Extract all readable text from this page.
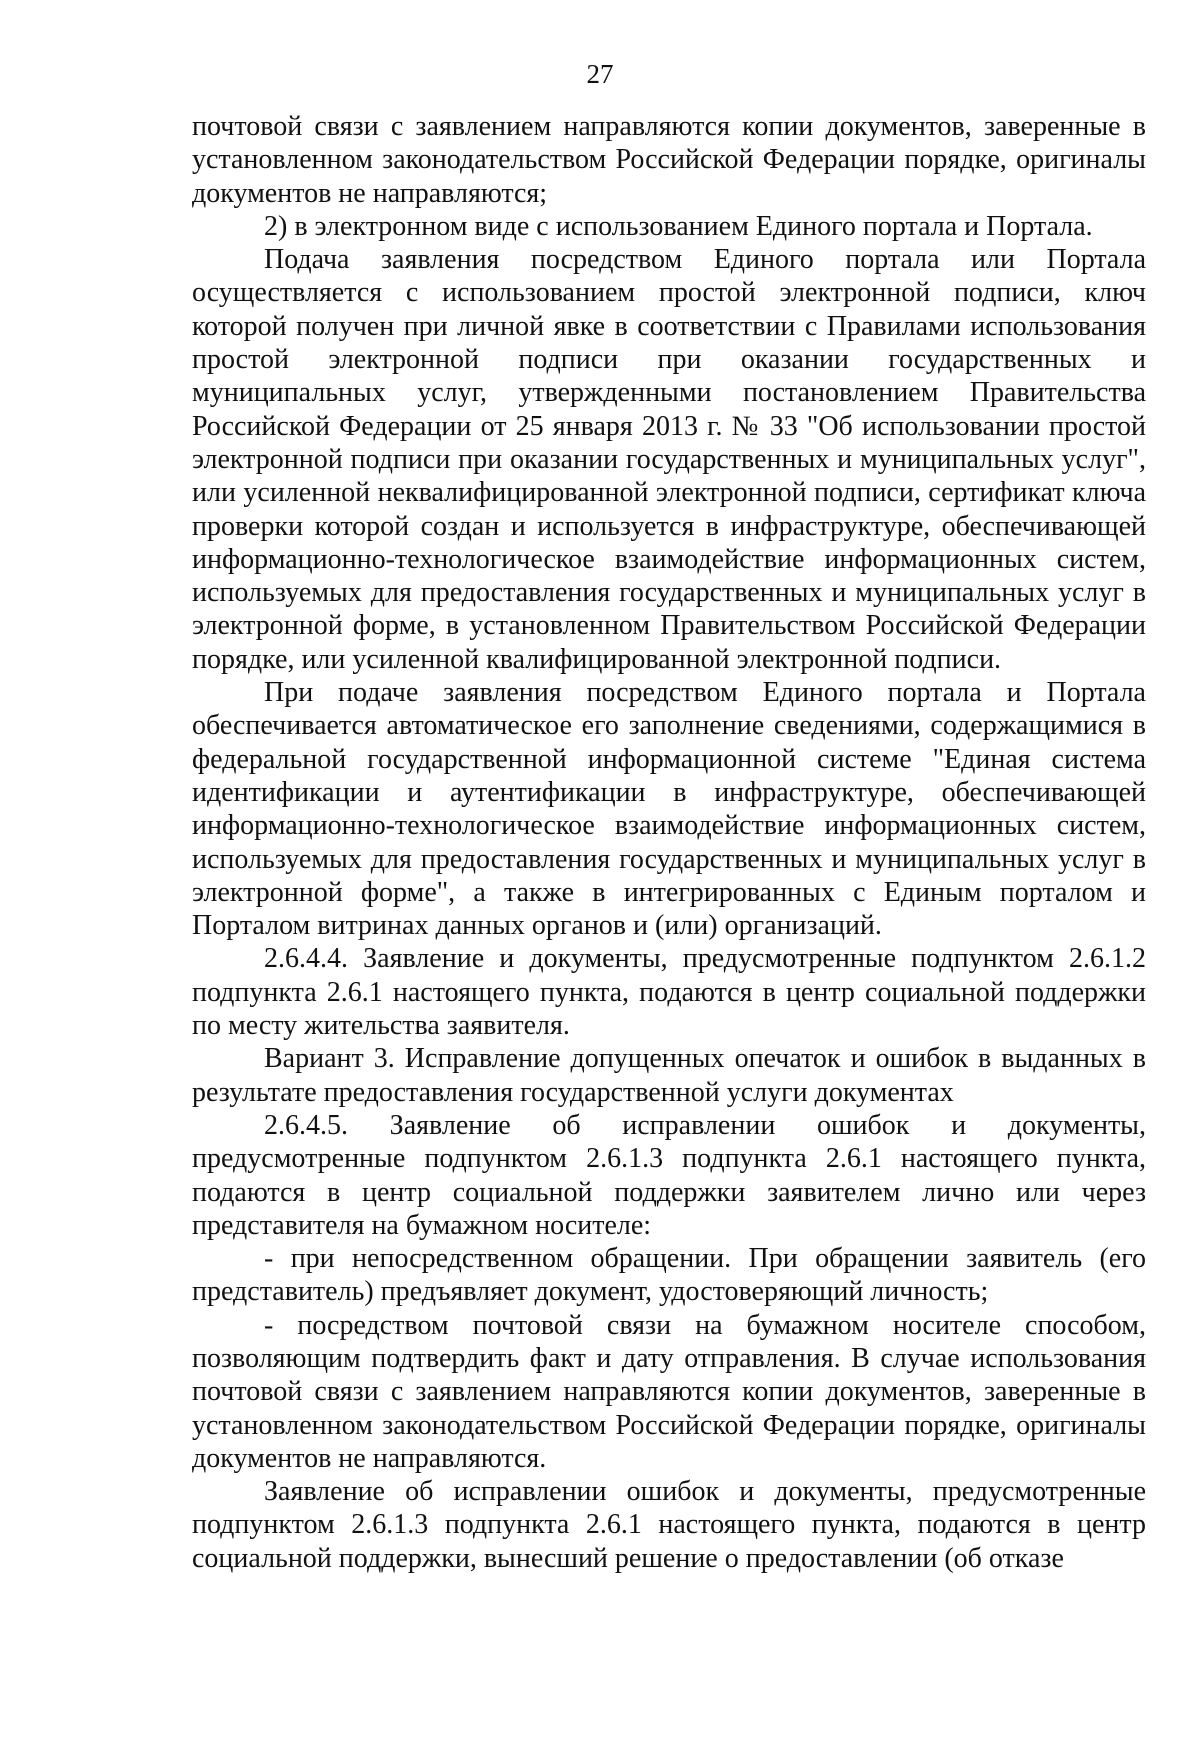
27

почтовой связи с заявлением направляются копии документов, заверенные в установленном законодательством Российской Федерации порядке, оригиналы документов не направляются;

2) в электронном виде с использованием Единого портала и Портала.

Подача заявления посредством Единого портала или Портала осуществляется с использованием простой электронной подписи, ключ которой получен при личной явке в соответствии с Правилами использования простой электронной подписи при оказании государственных и муниципальных услуг, утвержденными постановлением Правительства Российской Федерации от 25 января 2013 г. № 33 "Об использовании простой электронной подписи при оказании государственных и муниципальных услуг", или усиленной неквалифицированной электронной подписи, сертификат ключа проверки которой создан и используется в инфраструктуре, обеспечивающей информационно-технологическое взаимодействие информационных систем, используемых для предоставления государственных и муниципальных услуг в электронной форме, в установленном Правительством Российской Федерации порядке, или усиленной квалифицированной электронной подписи.

При подаче заявления посредством Единого портала и Портала обеспечивается автоматическое его заполнение сведениями, содержащимися в федеральной государственной информационной системе "Единая система идентификации и аутентификации в инфраструктуре, обеспечивающей информационно-технологическое взаимодействие информационных систем, используемых для предоставления государственных и муниципальных услуг в электронной форме", а также в интегрированных с Единым порталом и Порталом витринах данных органов и (или) организаций.

2.6.4.4. Заявление и документы, предусмотренные подпунктом 2.6.1.2 подпункта 2.6.1 настоящего пункта, подаются в центр социальной поддержки по месту жительства заявителя.

Вариант 3. Исправление допущенных опечаток и ошибок в выданных в результате предоставления государственной услуги документах

2.6.4.5. Заявление об исправлении ошибок и документы, предусмотренные подпунктом 2.6.1.3 подпункта 2.6.1 настоящего пункта, подаются в центр социальной поддержки заявителем лично или через представителя на бумажном носителе:

- при непосредственном обращении. При обращении заявитель (его представитель) предъявляет документ, удостоверяющий личность;

- посредством почтовой связи на бумажном носителе способом, позволяющим подтвердить факт и дату отправления. В случае использования почтовой связи с заявлением направляются копии документов, заверенные в установленном законодательством Российской Федерации порядке, оригиналы документов не направляются.

Заявление об исправлении ошибок и документы, предусмотренные подпунктом 2.6.1.3 подпункта 2.6.1 настоящего пункта, подаются в центр социальной поддержки, вынесший решение о предоставлении (об отказе
